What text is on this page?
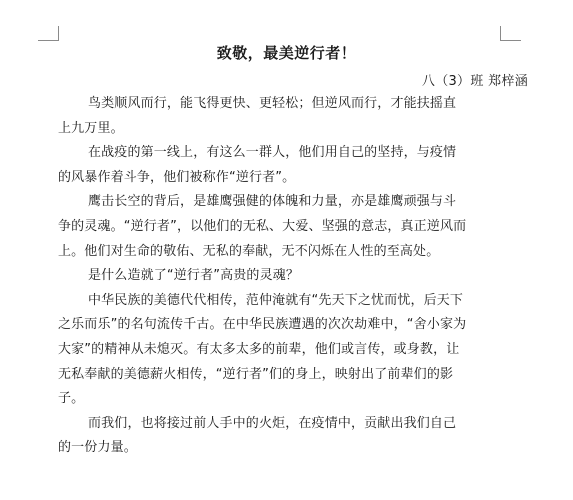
致敬，最美逆行者！
八（3）班 郑梓涵
鸟类顺风而行，能飞得更快、更轻松；但逆风而行，才能扶摇直
上九万里。
在战疫的第一线上，有这么一群人，他们用自己的坚持，与疫情
的风暴作着斗争，他们被称作“逆行者”。
鹰击长空的背后，是雄鹰强健的体魄和力量，亦是雄鹰顽强与斗
争的灵魂。“逆行者”，以他们的无私、大爱、坚强的意志，真正逆风而
上。他们对生命的敬佑、无私的奉献，无不闪烁在人性的至高处。
是什么造就了“逆行者”高贵的灵魂？
中华民族的美德代代相传，范仲淹就有“先天下之忧而忧，后天下
之乐而乐”的名句流传千古。在中华民族遭遇的次次劫难中，“舍小家为
大家”的精神从未熄灭。有太多太多的前辈，他们或言传，或身教，让
无私奉献的美德薪火相传，“逆行者”们的身上，映射出了前辈们的影
子。
而我们，也将接过前人手中的火炬，在疫情中，贡献出我们自己
的一份力量。
